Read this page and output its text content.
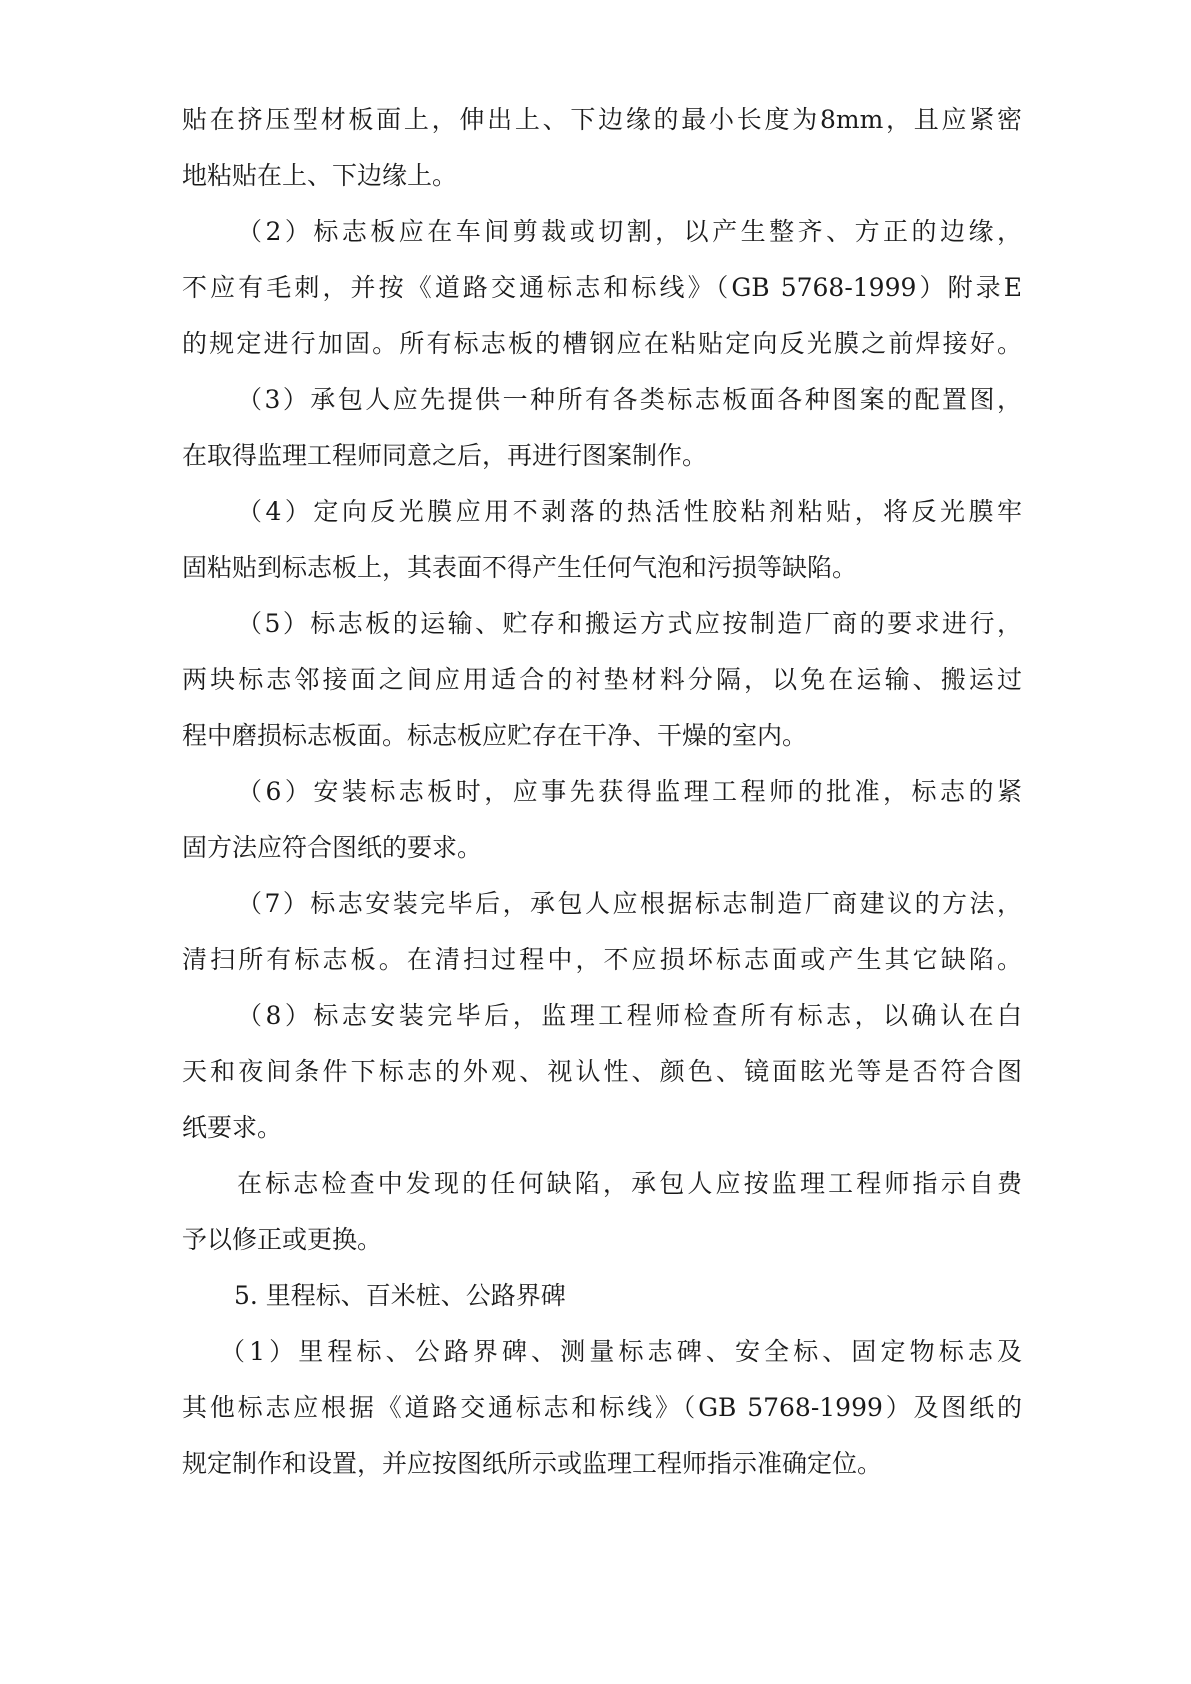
贴在挤压型材板面上，伸出上、下边缘的最小长度为8mm，且应紧密
地粘贴在上、下边缘上。
（2）标志板应在车间剪裁或切割，以产生整齐、方正的边缘，
不应有毛刺，并按《道路交通标志和标线》（GB 5768-1999）附录E
的规定进行加固。所有标志板的槽钢应在粘贴定向反光膜之前焊接好。
（3）承包人应先提供一种所有各类标志板面各种图案的配置图，
在取得监理工程师同意之后，再进行图案制作。
（4）定向反光膜应用不剥落的热活性胶粘剂粘贴，将反光膜牢
固粘贴到标志板上，其表面不得产生任何气泡和污损等缺陷。
（5）标志板的运输、贮存和搬运方式应按制造厂商的要求进行，
两块标志邻接面之间应用适合的衬垫材料分隔，以免在运输、搬运过
程中磨损标志板面。标志板应贮存在干净、干燥的室内。
（6）安装标志板时，应事先获得监理工程师的批准，标志的紧
固方法应符合图纸的要求。
（7）标志安装完毕后，承包人应根据标志制造厂商建议的方法，
清扫所有标志板。在清扫过程中，不应损坏标志面或产生其它缺陷。
（8）标志安装完毕后，监理工程师检查所有标志，以确认在白
天和夜间条件下标志的外观、视认性、颜色、镜面眩光等是否符合图
纸要求。
在标志检查中发现的任何缺陷，承包人应按监理工程师指示自费
予以修正或更换。
5. 里程标、百米桩、公路界碑
（1）里程标、公路界碑、测量标志碑、安全标、固定物标志及
其他标志应根据《道路交通标志和标线》（GB 5768-1999）及图纸的
规定制作和设置，并应按图纸所示或监理工程师指示准确定位。
